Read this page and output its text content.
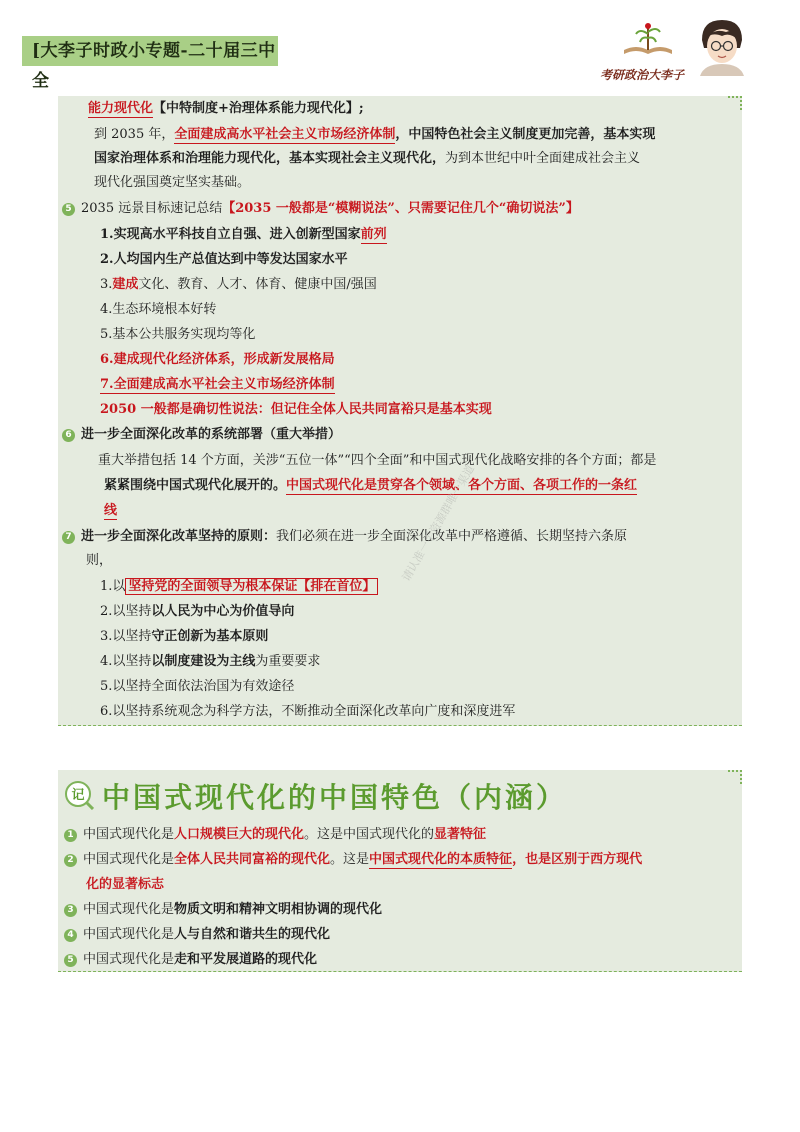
[大李子时政小专题-二十届三中全	考研政治大李子
能力现代化【中特制度+治理体系能力现代化】;
到 2035 年，全面建成高水平社会主义市场经济体制，中国特色社会主义制度更加完善，基本实现
国家治理体系和治理能力现代化，基本实现社会主义现代化，为到本世纪中叶全面建成社会主义
现代化强国奠定坚实基础。
5 2035 远景目标速记总结【2035 一般都是“模糊说法”、只需要记住几个“确切说法”】
1.实现高水平科技自立自强、进入创新型国家前列
2.人均国内生产总值达到中等发达国家水平
3.建成文化、教育、人才、体育、健康中国/强国
4.生态环境根本好转
5.基本公共服务实现均等化
6.建成现代化经济体系，形成新发展格局
7.全面建成高水平社会主义市场经济体制
2050 一般都是确切性说法：但记住全体人民共同富裕只是基本实现
6 进一步全面深化改革的系统部署（重大举措）
重大举措包括 14 个方面，关涉“五位一体”“四个全面”和中国式现代化战略安排的各个方面；都是
紧紧围绕中国式现代化展开的。中国式现代化是贯穿各个领域、各个方面、各项工作的一条红
线
7 进一步全面深化改革坚持的原则：我们必须在进一步全面深化改革中严格遵循、长期坚持六条原
则，
1.以 坚持党的全面领导为根本保证【排在首位】
2.以坚持以人民为中心为价值导向
3.以坚持守正创新为基本原则
4.以坚持以制度建设为主线为重要要求
5.以坚持全面依法治国为有效途径
6.以坚持系统观念为科学方法，不断推动全面深化改革向广度和深度进军
请认准一手资源群唯一渠道
记 中国式现代化的中国特色（内涵）
1 中国式现代化是人口规模巨大的现代化。这是中国式现代化的显著特征
2 中国式现代化是全体人民共同富裕的现代化。这是中国式现代化的本质特征，也是区别于西方现代
化的显著标志
3 中国式现代化是物质文明和精神文明相协调的现代化
4 中国式现代化是人与自然和谐共生的现代化
5 中国式现代化是走和平发展道路的现代化
